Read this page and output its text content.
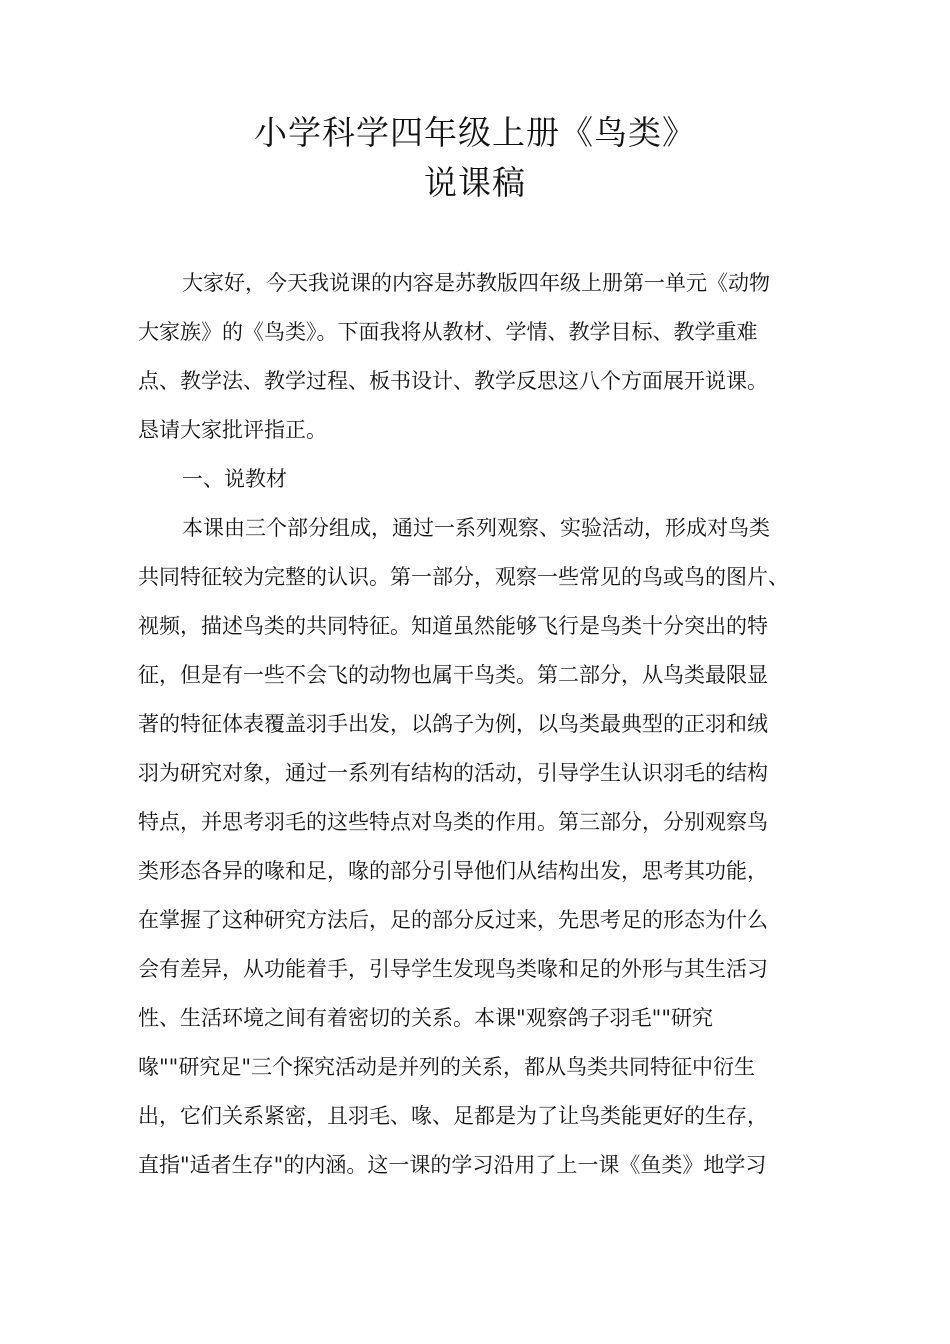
小学科学四年级上册《鸟类》
说课稿
大家好，今天我说课的内容是苏教版四年级上册第一单元《动物
大家族》的《鸟类》。下面我将从教材、学情、教学目标、教学重难
点、教学法、教学过程、板书设计、教学反思这八个方面展开说课。
恳请大家批评指正。
一、说教材
本课由三个部分组成，通过一系列观察、实验活动，形成对鸟类
共同特征较为完整的认识。第一部分，观察一些常见的鸟或鸟的图片、
视频，描述鸟类的共同特征。知道虽然能够飞行是鸟类十分突出的特
征，但是有一些不会飞的动物也属干鸟类。第二部分，从鸟类最限显
著的特征体表覆盖羽手出发，以鸽子为例，以鸟类最典型的正羽和绒
羽为研究对象，通过一系列有结构的活动，引导学生认识羽毛的结构
特点，并思考羽毛的这些特点对鸟类的作用。第三部分，分别观察鸟
类形态各异的喙和足，喙的部分引导他们从结构出发，思考其功能，
在掌握了这种研究方法后，足的部分反过来，先思考足的形态为什么
会有差异，从功能着手，引导学生发现鸟类喙和足的外形与其生活习
性、生活环境之间有着密切的关系。本课"观察鸽子羽毛""研究
喙""研究足"三个探究活动是并列的关系，都从鸟类共同特征中衍生
出，它们关系紧密，且羽毛、喙、足都是为了让鸟类能更好的生存，
直指"适者生存"的内涵。这一课的学习沿用了上一课《鱼类》地学习
